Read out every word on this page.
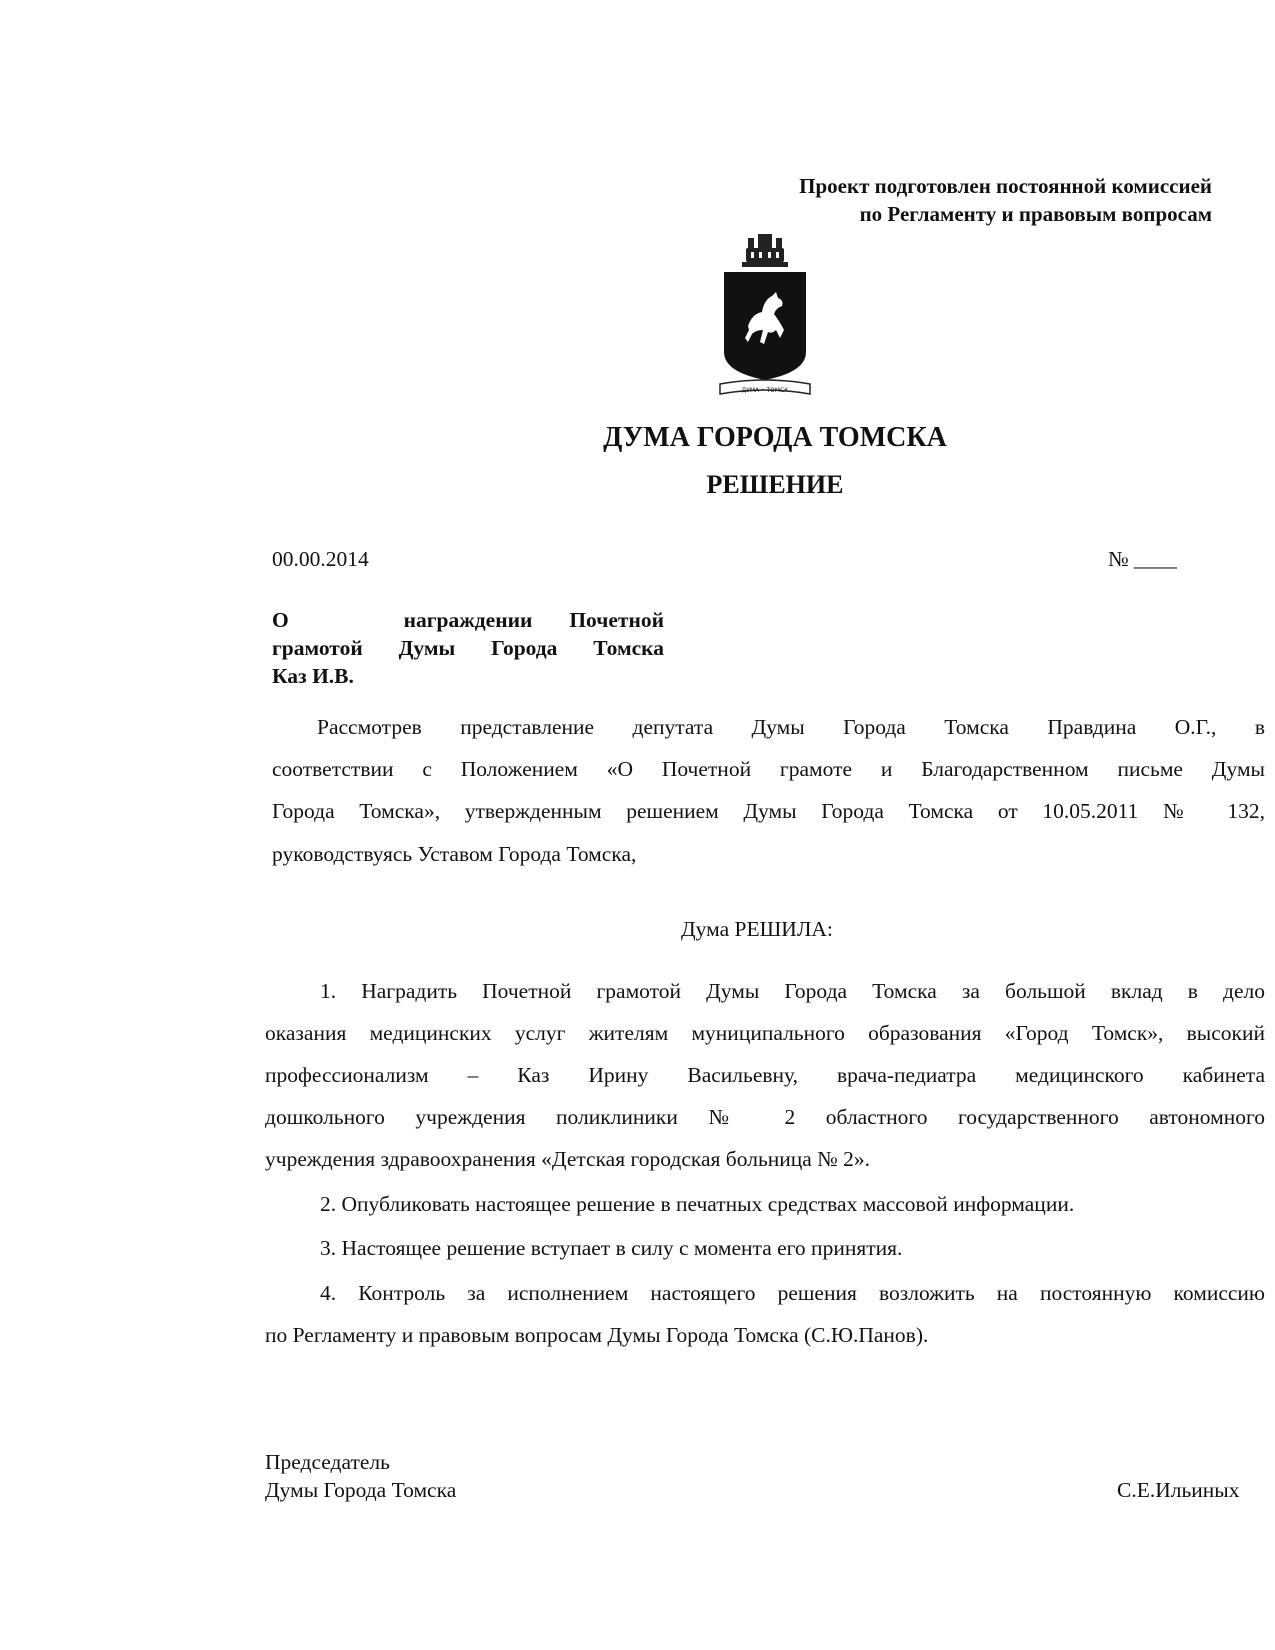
Проект подготовлен постоянной комиссией
по Регламенту и правовым вопросам
ДУМА • ТОМСК
ДУМА ГОРОДА ТОМСКА
РЕШЕНИЕ
00.00.2014	№ ____
О	награждении	Почетной
грамотой Думы Города Томска
Каз И.В.
Рассмотрев представление депутата Думы Города Томска Правдина О.Г., в
соответствии с Положением «О Почетной грамоте и Благодарственном письме Думы
Города Томска», утвержденным решением Думы Города Томска от 10.05.2011 № 132,
руководствуясь Уставом Города Томска,
Дума РЕШИЛА:
1. Наградить Почетной грамотой Думы Города Томска за большой вклад в дело
оказания медицинских услуг жителям муниципального образования «Город Томск», высокий
профессионализм – Каз Ирину Васильевну, врача-педиатра медицинского кабинета
дошкольного учреждения поликлиники № 2 областного государственного автономного
учреждения здравоохранения «Детская городская больница № 2».
2. Опубликовать настоящее решение в печатных средствах массовой информации.
3. Настоящее решение вступает в силу с момента его принятия.
4. Контроль за исполнением настоящего решения возложить на постоянную комиссию
по Регламенту и правовым вопросам Думы Города Томска (С.Ю.Панов).
Председатель
Думы Города Томска	С.Е.Ильиных
